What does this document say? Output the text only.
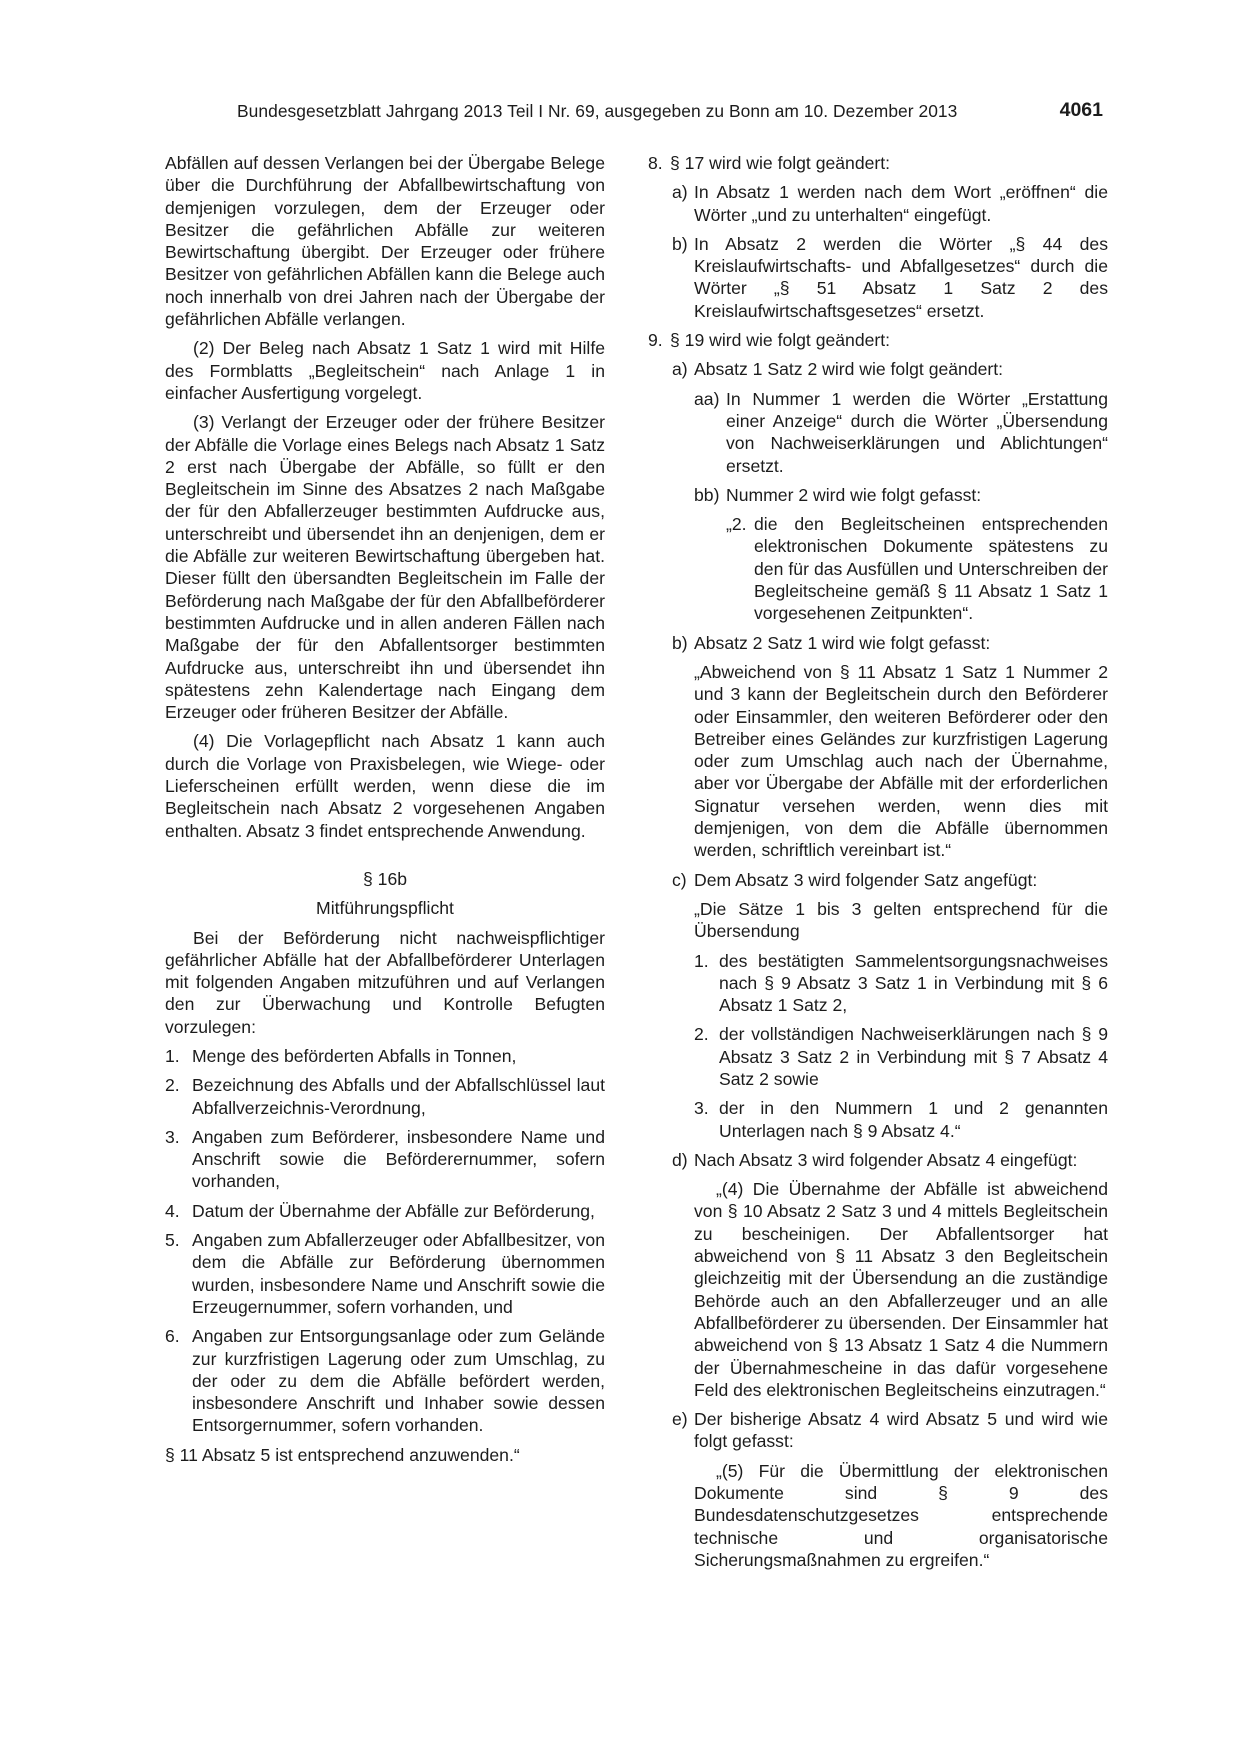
Bundesgesetzblatt Jahrgang 2013 Teil I Nr. 69, ausgegeben zu Bonn am 10. Dezember 2013	4061

Abfällen auf dessen Verlangen bei der Übergabe Belege über die Durchführung der Abfallbewirtschaftung von demjenigen vorzulegen, dem der Erzeuger oder Besitzer die gefährlichen Abfälle zur weiteren Bewirtschaftung übergibt. Der Erzeuger oder frühere Besitzer von gefährlichen Abfällen kann die Belege auch noch innerhalb von drei Jahren nach der Übergabe der gefährlichen Abfälle verlangen.

(2) Der Beleg nach Absatz 1 Satz 1 wird mit Hilfe des Formblatts „Begleitschein“ nach Anlage 1 in einfacher Ausfertigung vorgelegt.

(3) Verlangt der Erzeuger oder der frühere Besitzer der Abfälle die Vorlage eines Belegs nach Absatz 1 Satz 2 erst nach Übergabe der Abfälle, so füllt er den Begleitschein im Sinne des Absatzes 2 nach Maßgabe der für den Abfallerzeuger bestimmten Aufdrucke aus, unterschreibt und übersendet ihn an denjenigen, dem er die Abfälle zur weiteren Bewirtschaftung übergeben hat. Dieser füllt den übersandten Begleitschein im Falle der Beförderung nach Maßgabe der für den Abfallbeförderer bestimmten Aufdrucke und in allen anderen Fällen nach Maßgabe der für den Abfallentsorger bestimmten Aufdrucke aus, unterschreibt ihn und übersendet ihn spätestens zehn Kalendertage nach Eingang dem Erzeuger oder früheren Besitzer der Abfälle.

(4) Die Vorlagepflicht nach Absatz 1 kann auch durch die Vorlage von Praxisbelegen, wie Wiege- oder Lieferscheinen erfüllt werden, wenn diese die im Begleitschein nach Absatz 2 vorgesehenen Angaben enthalten. Absatz 3 findet entsprechende Anwendung.

§ 16b

Mitführungspflicht

Bei der Beförderung nicht nachweispflichtiger gefährlicher Abfälle hat der Abfallbeförderer Unterlagen mit folgenden Angaben mitzuführen und auf Verlangen den zur Überwachung und Kontrolle Befugten vorzulegen:

1. Menge des beförderten Abfalls in Tonnen,
2. Bezeichnung des Abfalls und der Abfallschlüssel laut Abfallverzeichnis-Verordnung,
3. Angaben zum Beförderer, insbesondere Name und Anschrift sowie die Beförderernummer, sofern vorhanden,
4. Datum der Übernahme der Abfälle zur Beförderung,
5. Angaben zum Abfallerzeuger oder Abfallbesitzer, von dem die Abfälle zur Beförderung übernommen wurden, insbesondere Name und Anschrift sowie die Erzeugernummer, sofern vorhanden, und
6. Angaben zur Entsorgungsanlage oder zum Gelände zur kurzfristigen Lagerung oder zum Umschlag, zu der oder zu dem die Abfälle befördert werden, insbesondere Anschrift und Inhaber sowie dessen Entsorgernummer, sofern vorhanden.

§ 11 Absatz 5 ist entsprechend anzuwenden.“

8. § 17 wird wie folgt geändert:
a) In Absatz 1 werden nach dem Wort „eröffnen“ die Wörter „und zu unterhalten“ eingefügt.
b) In Absatz 2 werden die Wörter „§ 44 des Kreislaufwirtschafts- und Abfallgesetzes“ durch die Wörter „§ 51 Absatz 1 Satz 2 des Kreislaufwirtschaftsgesetzes“ ersetzt.
9. § 19 wird wie folgt geändert:
a) Absatz 1 Satz 2 wird wie folgt geändert:
aa) In Nummer 1 werden die Wörter „Erstattung einer Anzeige“ durch die Wörter „Übersendung von Nachweiserklärungen und Ablichtungen“ ersetzt.
bb) Nummer 2 wird wie folgt gefasst:
„2. die den Begleitscheinen entsprechenden elektronischen Dokumente spätestens zu den für das Ausfüllen und Unterschreiben der Begleitscheine gemäß § 11 Absatz 1 Satz 1 vorgesehenen Zeitpunkten“.
b) Absatz 2 Satz 1 wird wie folgt gefasst:

„Abweichend von § 11 Absatz 1 Satz 1 Nummer 2 und 3 kann der Begleitschein durch den Beförderer oder Einsammler, den weiteren Beförderer oder den Betreiber eines Geländes zur kurzfristigen Lagerung oder zum Umschlag auch nach der Übernahme, aber vor Übergabe der Abfälle mit der erforderlichen Signatur versehen werden, wenn dies mit demjenigen, von dem die Abfälle übernommen werden, schriftlich vereinbart ist.“

c) Dem Absatz 3 wird folgender Satz angefügt:

„Die Sätze 1 bis 3 gelten entsprechend für die Übersendung

1. des bestätigten Sammelentsorgungsnachweises nach § 9 Absatz 3 Satz 1 in Verbindung mit § 6 Absatz 1 Satz 2,
2. der vollständigen Nachweiserklärungen nach § 9 Absatz 3 Satz 2 in Verbindung mit § 7 Absatz 4 Satz 2 sowie
3. der in den Nummern 1 und 2 genannten Unterlagen nach § 9 Absatz 4.“
d) Nach Absatz 3 wird folgender Absatz 4 eingefügt:

„(4) Die Übernahme der Abfälle ist abweichend von § 10 Absatz 2 Satz 3 und 4 mittels Begleitschein zu bescheinigen. Der Abfallentsorger hat abweichend von § 11 Absatz 3 den Begleitschein gleichzeitig mit der Übersendung an die zuständige Behörde auch an den Abfallerzeuger und an alle Abfallbeförderer zu übersenden. Der Einsammler hat abweichend von § 13 Absatz 1 Satz 4 die Nummern der Übernahmescheine in das dafür vorgesehene Feld des elektronischen Begleitscheins einzutragen.“

e) Der bisherige Absatz 4 wird Absatz 5 und wird wie folgt gefasst:

„(5) Für die Übermittlung der elektronischen Dokumente sind § 9 des Bundesdatenschutzgesetzes entsprechende technische und organisatorische Sicherungsmaßnahmen zu ergreifen.“
